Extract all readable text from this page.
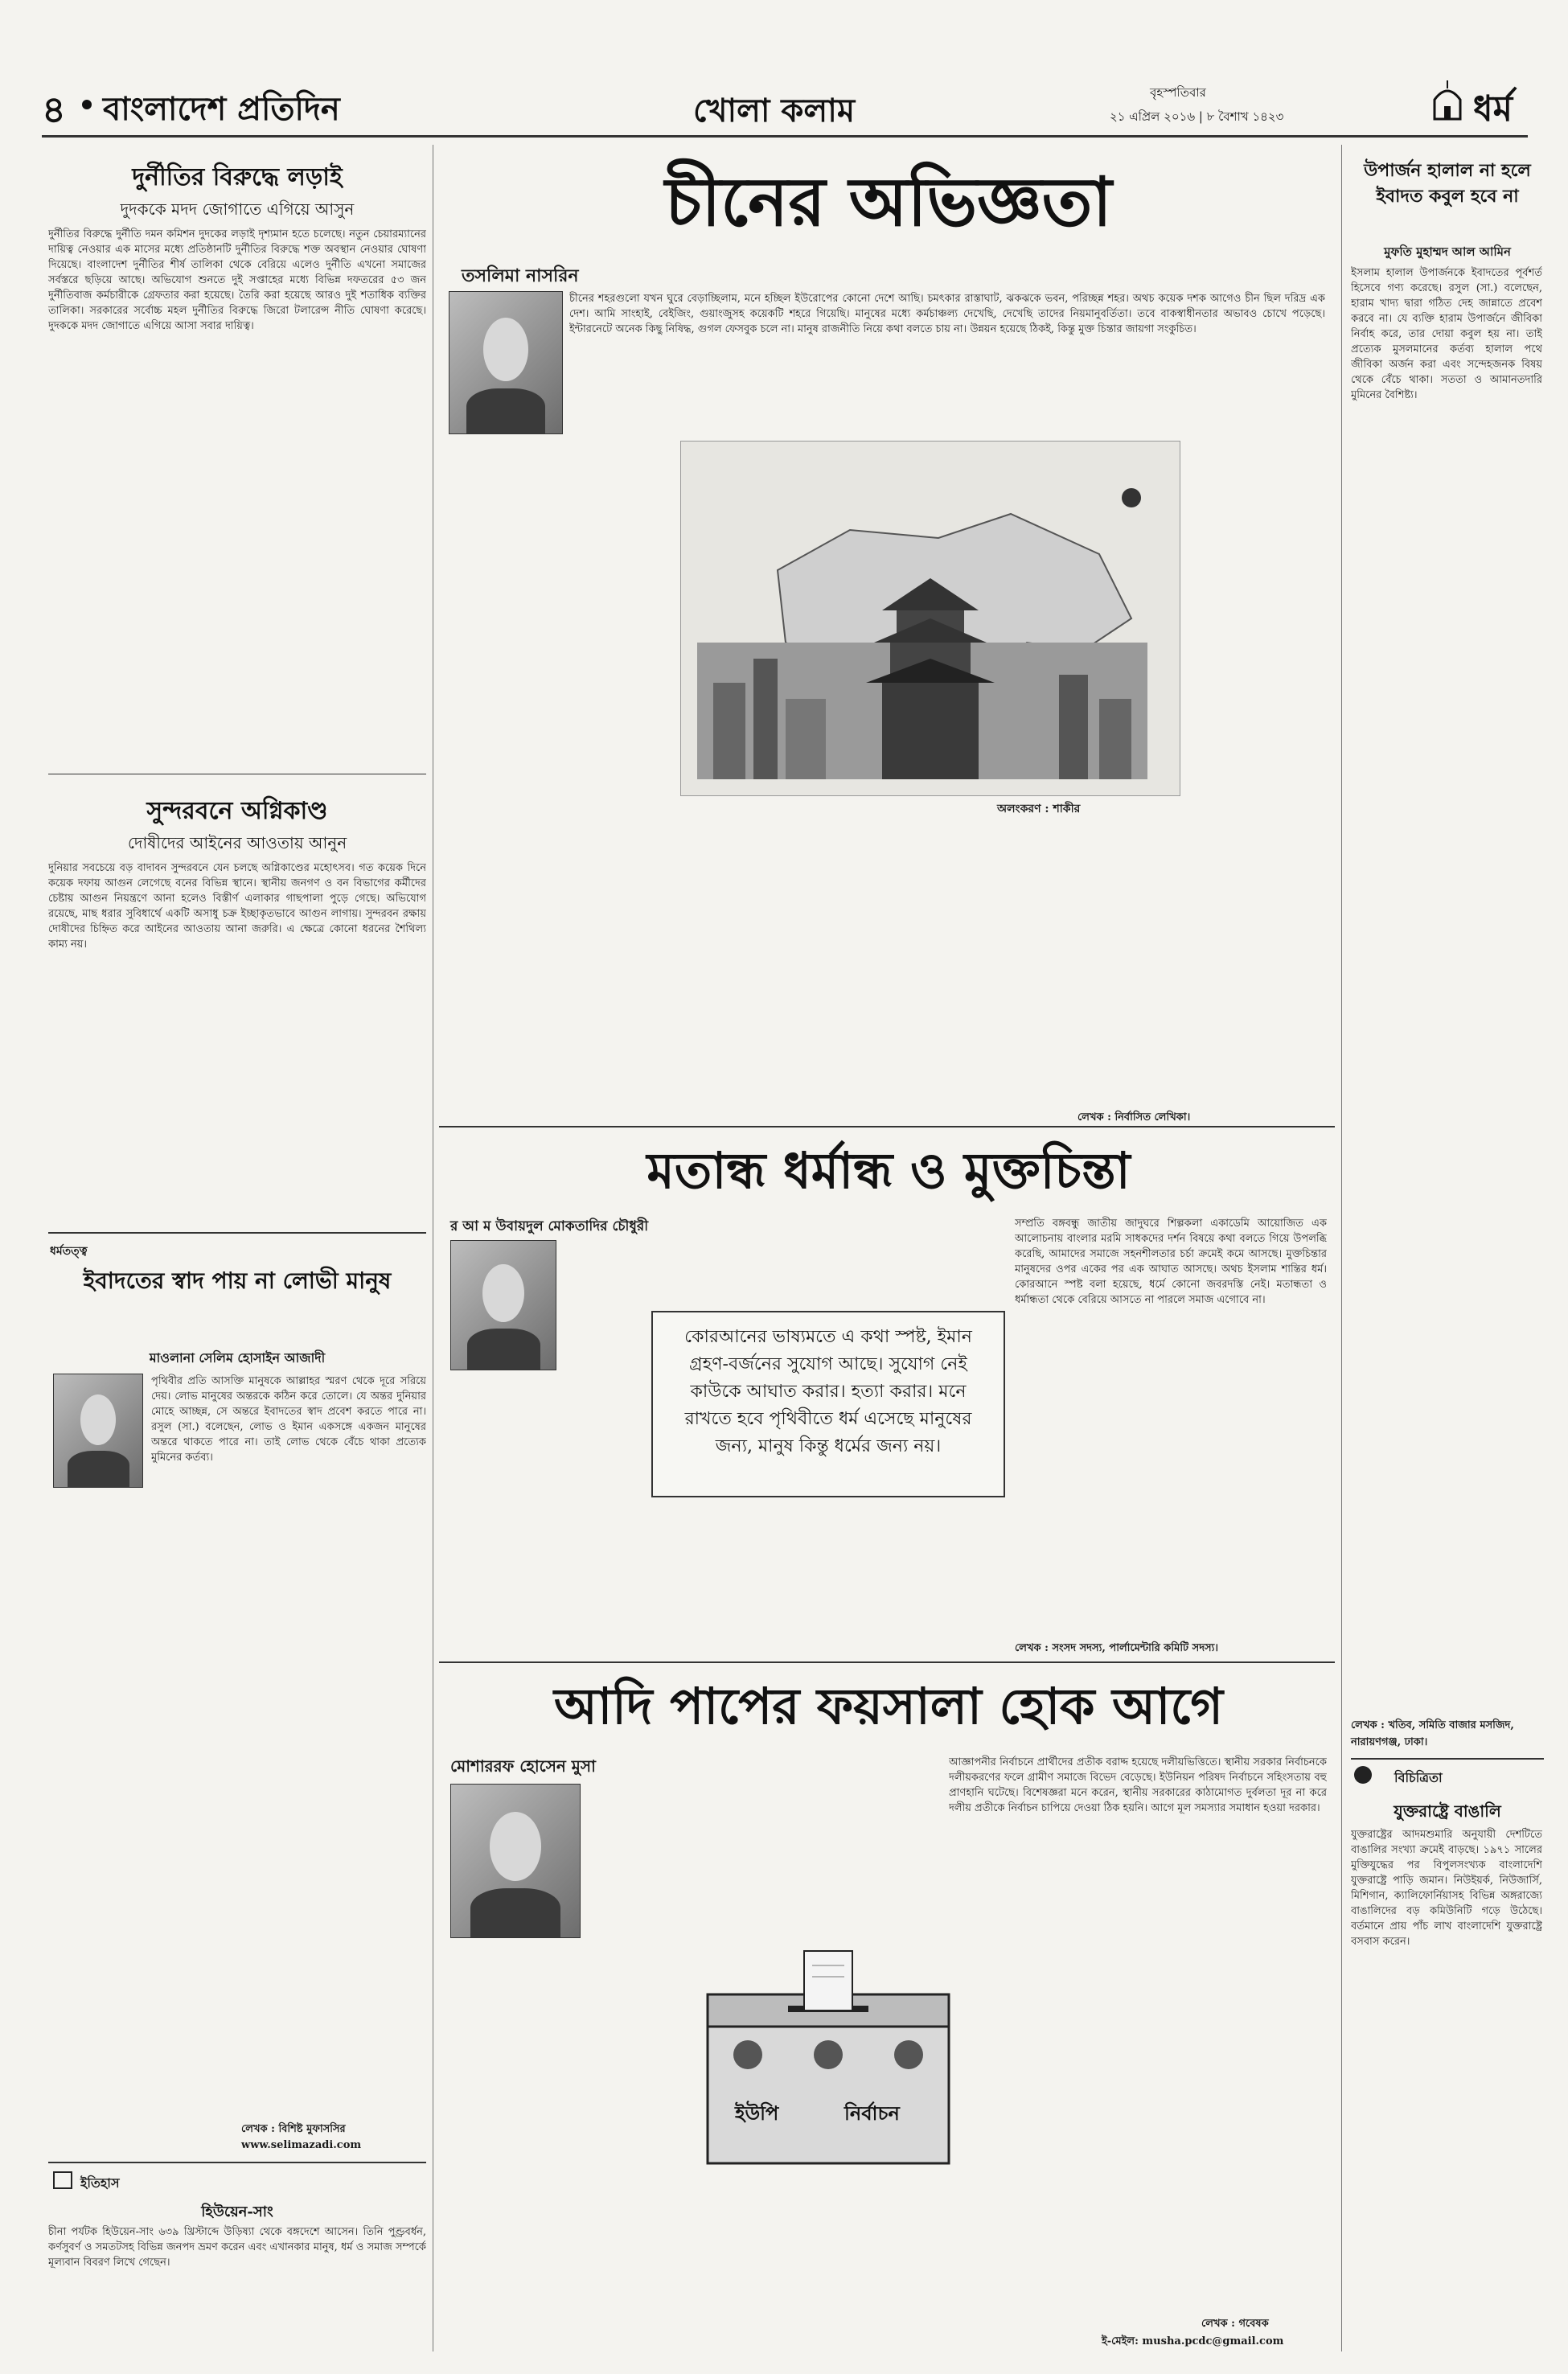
৪ বাংলাদেশ প্রতিদিন	খোলা কলাম	বৃহস্পতিবার
২১ এপ্রিল ২০১৬ | ৮ বৈশাখ ১৪২৩	ধর্ম
দুর্নীতির বিরুদ্ধে লড়াই
দুদককে মদদ জোগাতে এগিয়ে আসুন
দুর্নীতির বিরুদ্ধে দুর্নীতি দমন কমিশন দুদকের লড়াই দৃশ্যমান হতে চলেছে। নতুন চেয়ারম্যানের দায়িত্ব নেওয়ার এক মাসের মধ্যে প্রতিষ্ঠানটি দুর্নীতির বিরুদ্ধে শক্ত অবস্থান নেওয়ার ঘোষণা দিয়েছে। বাংলাদেশ দুর্নীতির শীর্ষ তালিকা থেকে বেরিয়ে এলেও দুর্নীতি এখনো সমাজের সর্বস্তরে ছড়িয়ে আছে। অভিযোগ শুনতে দুই সপ্তাহের মধ্যে বিভিন্ন দফতরের ৫৩ জন দুর্নীতিবাজ কর্মচারীকে গ্রেফতার করা হয়েছে। তৈরি করা হয়েছে আরও দুই শতাধিক ব্যক্তির তালিকা। সরকারের সর্বোচ্চ মহল দুর্নীতির বিরুদ্ধে জিরো টলারেন্স নীতি ঘোষণা করেছে। দুদককে মদদ জোগাতে এগিয়ে আসা সবার দায়িত্ব।
সুন্দরবনে অগ্নিকাণ্ড
দোষীদের আইনের আওতায় আনুন
দুনিয়ার সবচেয়ে বড় বাদাবন সুন্দরবনে যেন চলছে অগ্নিকাণ্ডের মহোৎসব। গত কয়েক দিনে কয়েক দফায় আগুন লেগেছে বনের বিভিন্ন স্থানে। স্থানীয় জনগণ ও বন বিভাগের কর্মীদের চেষ্টায় আগুন নিয়ন্ত্রণে আনা হলেও বিস্তীর্ণ এলাকার গাছপালা পুড়ে গেছে। অভিযোগ রয়েছে, মাছ ধরার সুবিধার্থে একটি অসাধু চক্র ইচ্ছাকৃতভাবে আগুন লাগায়। সুন্দরবন রক্ষায় দোষীদের চিহ্নিত করে আইনের আওতায় আনা জরুরি। এ ক্ষেত্রে কোনো ধরনের শৈথিল্য কাম্য নয়।
ধর্মতত্ত্ব
ইবাদতের স্বাদ পায় না লোভী মানুষ
মাওলানা সেলিম হোসাইন আজাদী
পৃথিবীর প্রতি আসক্তি মানুষকে আল্লাহর স্মরণ থেকে দূরে সরিয়ে দেয়। লোভ মানুষের অন্তরকে কঠিন করে তোলে। যে অন্তর দুনিয়ার মোহে আচ্ছন্ন, সে অন্তরে ইবাদতের স্বাদ প্রবেশ করতে পারে না। রসুল (সা.) বলেছেন, লোভ ও ইমান একসঙ্গে একজন মানুষের অন্তরে থাকতে পারে না। তাই লোভ থেকে বেঁচে থাকা প্রত্যেক মুমিনের কর্তব্য।
লেখক : বিশিষ্ট মুফাসসির
www.selimazadi.com
ইতিহাস
হিউয়েন-সাং
চীনা পর্যটক হিউয়েন-সাং ৬৩৯ খ্রিস্টাব্দে উড়িষ্যা থেকে বঙ্গদেশে আসেন। তিনি পুণ্ড্রবর্ধন, কর্ণসুবর্ণ ও সমতটসহ বিভিন্ন জনপদ ভ্রমণ করেন এবং এখানকার মানুষ, ধর্ম ও সমাজ সম্পর্কে মূল্যবান বিবরণ লিখে গেছেন।
চীনের অভিজ্ঞতা
তসলিমা নাসরিন
চীনের শহরগুলো যখন ঘুরে বেড়াচ্ছিলাম, মনে হচ্ছিল ইউরোপের কোনো দেশে আছি। চমৎকার রাস্তাঘাট, ঝকঝকে ভবন, পরিচ্ছন্ন শহর। অথচ কয়েক দশক আগেও চীন ছিল দরিদ্র এক দেশ। আমি সাংহাই, বেইজিং, গুয়াংজুসহ কয়েকটি শহরে গিয়েছি। মানুষের মধ্যে কর্মচাঞ্চল্য দেখেছি, দেখেছি তাদের নিয়মানুবর্তিতা। তবে বাকস্বাধীনতার অভাবও চোখে পড়েছে। ইন্টারনেটে অনেক কিছু নিষিদ্ধ, গুগল ফেসবুক চলে না। মানুষ রাজনীতি নিয়ে কথা বলতে চায় না। উন্নয়ন হয়েছে ঠিকই, কিন্তু মুক্ত চিন্তার জায়গা সংকুচিত।
অলংকরণ : শাকীর
লেখক : নির্বাসিত লেখিকা।
মতান্ধ ধর্মান্ধ ও মুক্তচিন্তা
র আ ম উবায়দুল মোকতাদির চৌধুরী
কোরআনের ভাষ্যমতে এ কথা স্পষ্ট, ইমান গ্রহণ-বর্জনের সুযোগ আছে। সুযোগ নেই কাউকে আঘাত করার। হত্যা করার। মনে রাখতে হবে পৃথিবীতে ধর্ম এসেছে মানুষের জন্য, মানুষ কিন্তু ধর্মের জন্য নয়।
সম্প্রতি বঙ্গবন্ধু জাতীয় জাদুঘরে শিল্পকলা একাডেমি আয়োজিত এক আলোচনায় বাংলার মরমি সাধকদের দর্শন বিষয়ে কথা বলতে গিয়ে উপলব্ধি করেছি, আমাদের সমাজে সহনশীলতার চর্চা ক্রমেই কমে আসছে। মুক্তচিন্তার মানুষদের ওপর একের পর এক আঘাত আসছে। অথচ ইসলাম শান্তির ধর্ম। কোরআনে স্পষ্ট বলা হয়েছে, ধর্মে কোনো জবরদস্তি নেই। মতান্ধতা ও ধর্মান্ধতা থেকে বেরিয়ে আসতে না পারলে সমাজ এগোবে না।
লেখক : সংসদ সদস্য, পার্লামেন্টারি কমিটি সদস্য।
আদি পাপের ফয়সালা হোক আগে
মোশাররফ হোসেন মুসা	আজ্ঞাপনীর নির্বাচনে প্রার্থীদের প্রতীক বরাদ্দ হয়েছে দলীয়ভিত্তিতে। স্থানীয় সরকার নির্বাচনকে দলীয়করণের ফলে গ্রামীণ সমাজে বিভেদ বেড়েছে। ইউনিয়ন পরিষদ নির্বাচনে সহিংসতায় বহু প্রাণহানি ঘটেছে। বিশেষজ্ঞরা মনে করেন, স্থানীয় সরকারের কাঠামোগত দুর্বলতা দূর না করে দলীয় প্রতীকে নির্বাচন চাপিয়ে দেওয়া ঠিক হয়নি। আগে মূল সমস্যার সমাধান হওয়া দরকার।
ইউপি	নির্বাচন
লেখক : গবেষক
ই-মেইল: musha.pcdc@gmail.com
উপার্জন হালাল না হলে ইবাদত কবুল হবে না
মুফতি মুহাম্মদ আল আমিন
ইসলাম হালাল উপার্জনকে ইবাদতের পূর্বশর্ত হিসেবে গণ্য করেছে। রসুল (সা.) বলেছেন, হারাম খাদ্য দ্বারা গঠিত দেহ জান্নাতে প্রবেশ করবে না। যে ব্যক্তি হারাম উপার্জনে জীবিকা নির্বাহ করে, তার দোয়া কবুল হয় না। তাই প্রত্যেক মুসলমানের কর্তব্য হালাল পথে জীবিকা অর্জন করা এবং সন্দেহজনক বিষয় থেকে বেঁচে থাকা। সততা ও আমানতদারি মুমিনের বৈশিষ্ট্য।
লেখক : খতিব, সমিতি বাজার মসজিদ, নারায়ণগঞ্জ, ঢাকা।
বিচিত্রিতা
যুক্তরাষ্ট্রে বাঙালি
যুক্তরাষ্ট্রের আদমশুমারি অনুযায়ী দেশটিতে বাঙালির সংখ্যা ক্রমেই বাড়ছে। ১৯৭১ সালের মুক্তিযুদ্ধের পর বিপুলসংখ্যক বাংলাদেশি যুক্তরাষ্ট্রে পাড়ি জমান। নিউইয়র্ক, নিউজার্সি, মিশিগান, ক্যালিফোর্নিয়াসহ বিভিন্ন অঙ্গরাজ্যে বাঙালিদের বড় কমিউনিটি গড়ে উঠেছে। বর্তমানে প্রায় পাঁচ লাখ বাংলাদেশি যুক্তরাষ্ট্রে বসবাস করেন।
